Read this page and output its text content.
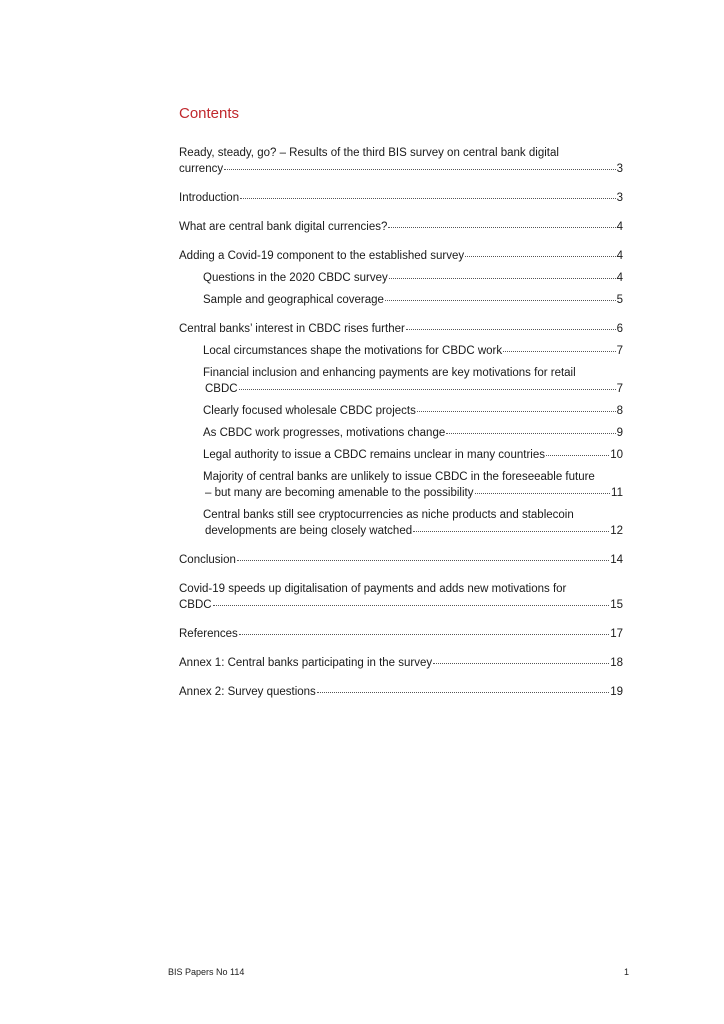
Contents
Ready, steady, go? – Results of the third BIS survey on central bank digital
currency	3
Introduction	3
What are central bank digital currencies?	4
Adding a Covid-19 component to the established survey	4
Questions in the 2020 CBDC survey	4
Sample and geographical coverage	5
Central banks’ interest in CBDC rises further	6
Local circumstances shape the motivations for CBDC work	7
Financial inclusion and enhancing payments are key motivations for retail
CBDC	7
Clearly focused wholesale CBDC projects	8
As CBDC work progresses, motivations change	9
Legal authority to issue a CBDC remains unclear in many countries	10
Majority of central banks are unlikely to issue CBDC in the foreseeable future
– but many are becoming amenable to the possibility	11
Central banks still see cryptocurrencies as niche products and stablecoin
developments are being closely watched	12
Conclusion	14
Covid-19 speeds up digitalisation of payments and adds new motivations for
CBDC	15
References	17
Annex 1: Central banks participating in the survey	18
Annex 2: Survey questions	19
BIS Papers No 114	1
